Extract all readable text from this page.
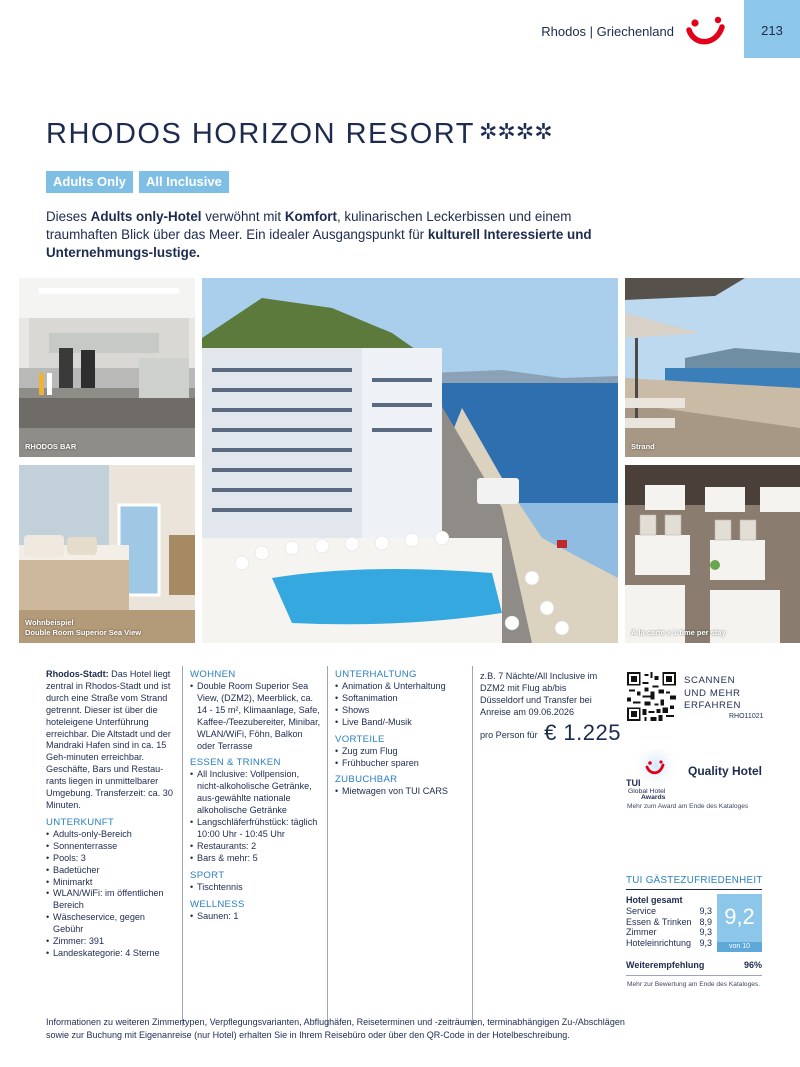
Rhodos | Griechenland	213
RHODOS HORIZON RESORT ✲✲✲✲
Adults Only	All Inclusive

Dieses Adults only-Hotel verwöhnt mit Komfort, kulinarischen Leckerbissen und einem traumhaften Blick über das Meer. Ein idealer Ausgangspunkt für kulturell Interessierte und Unternehmungs-lustige.

RHODOS BAR
Wohnbeispiel
Double Room Superior Sea View
Strand
À la carte x 1 time per stay

Rhodos-Stadt: Das Hotel liegt zentral in Rhodos-Stadt und ist durch eine Straße vom Strand getrennt. Dieser ist über die hoteleigene Unterführung erreichbar. Die Altstadt und der Mandraki Hafen sind in ca. 15 Geh-minuten erreichbar. Geschäfte, Bars und Restau-rants liegen in unmittelbarer Umgebung. Transferzeit: ca. 30 Minuten.

UNTERKUNFT
• Adults-only-Bereich
• Sonnenterrasse
• Pools: 3
• Badetücher
• Minimarkt
• WLAN/WiFi: im öffentlichen Bereich
• Wäscheservice, gegen Gebühr
• Zimmer: 391
• Landeskategorie: 4 Sterne
WOHNEN
• Double Room Superior Sea View, (DZM2), Meerblick, ca. 14 - 15 m², Klimaanlage, Safe, Kaffee-/Teezubereiter, Minibar, WLAN/WiFi, Föhn, Balkon oder Terrasse
ESSEN & TRINKEN
• All Inclusive: Vollpension, nicht-alkoholische Getränke, aus-gewählte nationale alkoholische Getränke
• Langschläferfrühstück: täglich 10:00 Uhr - 10:45 Uhr
• Restaurants: 2
• Bars & mehr: 5
SPORT
• Tischtennis
WELLNESS
• Saunen: 1
UNTERHALTUNG
• Animation & Unterhaltung
• Softanimation
• Shows
• Live Band/-Musik
VORTEILE
• Zug zum Flug
• Frühbucher sparen
ZUBUCHBAR
• Mietwagen von TUI CARS

z.B. 7 Nächte/All Inclusive im DZM2 mit Flug ab/bis Düsseldorf und Transfer bei Anreise am 09.06.2026

pro Person für € 1.225
SCANNEN
UND MEHR
ERFAHREN
RHO11021
TUI
Global Hotel
Awards
Quality Hotel
Mehr zum Award am Ende des Kataloges
TUI GÄSTEZUFRIEDENHEIT
Hotel gesamt
Service	9,3
Essen & Trinken 8,9
Zimmer	9,3
Hoteleinrichtung 9,3
9,2
von 10
Weiterempfehlung	96%
Mehr zur Bewertung am Ende des Kataloges.

Informationen zu weiteren Zimmertypen, Verpflegungsvarianten, Abflughäfen, Reiseterminen und -zeiträumen, terminabhängigen Zu-/Abschlägen sowie zur Buchung mit Eigenanreise (nur Hotel) erhalten Sie in Ihrem Reisebüro oder über den QR-Code in der Hotelbeschreibung.
